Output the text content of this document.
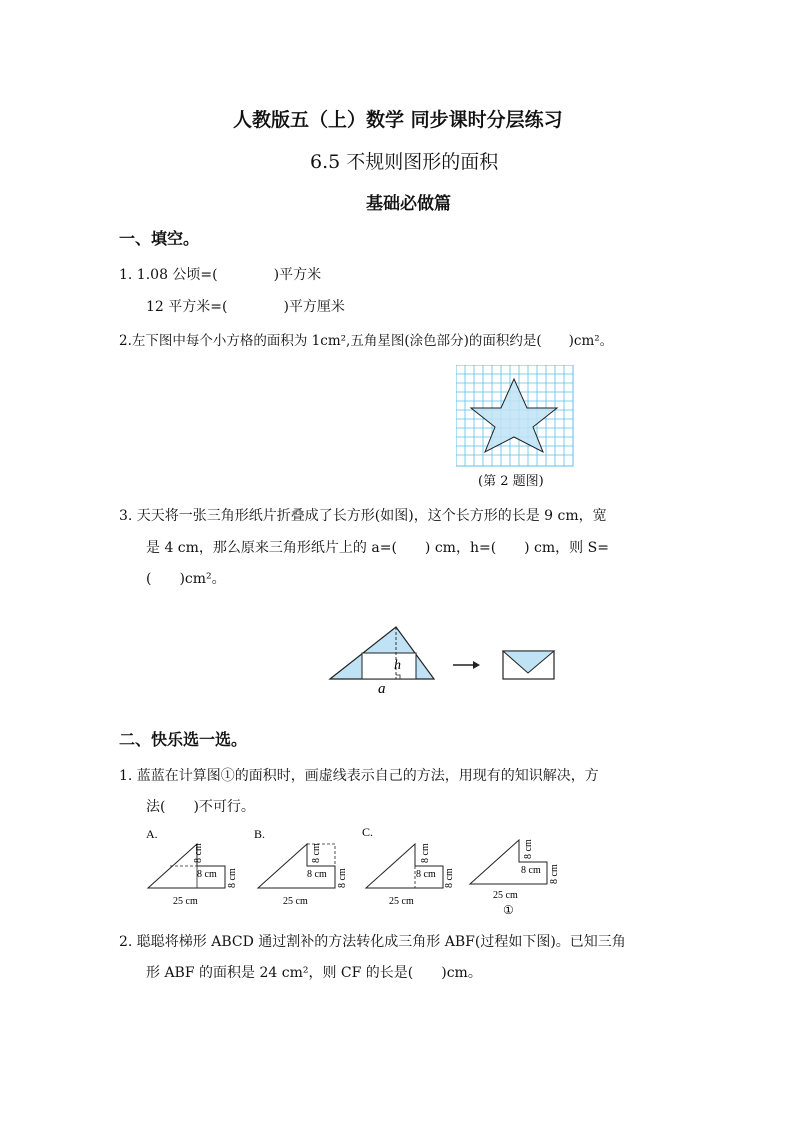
人教版五（上）数学 同步课时分层练习
6.5 不规则图形的面积
基础必做篇
一、填空。
1. 1.08 公顷=(　　　　)平方米
12 平方米=(　　　　)平方厘米
2.左下图中每个小方格的面积为 1cm²,五角星图(涂色部分)的面积约是(　　)cm²。
(第 2 题图)
3. 天天将一张三角形纸片折叠成了长方形(如图)，这个长方形的长是 9 cm，宽
是 4 cm，那么原来三角形纸片上的 a=(　　) cm，h=(　　) cm，则 S=
(　　)cm²。
h
a
二、快乐选一选。
1. 蓝蓝在计算图①的面积时，画虚线表示自己的方法，用现有的知识解决，方
法(　　)不可行。
A.
25 cm
8 cm
8 cm
8 cm
B.
25 cm
8 cm
8 cm
8 cm
C.
25 cm
8 cm
8 cm
8 cm
25 cm
8 cm
8 cm
8 cm
①
2. 聪聪将梯形 ABCD 通过割补的方法转化成三角形 ABF(过程如下图)。已知三角
形 ABF 的面积是 24 cm²，则 CF 的长是(　　)cm。
